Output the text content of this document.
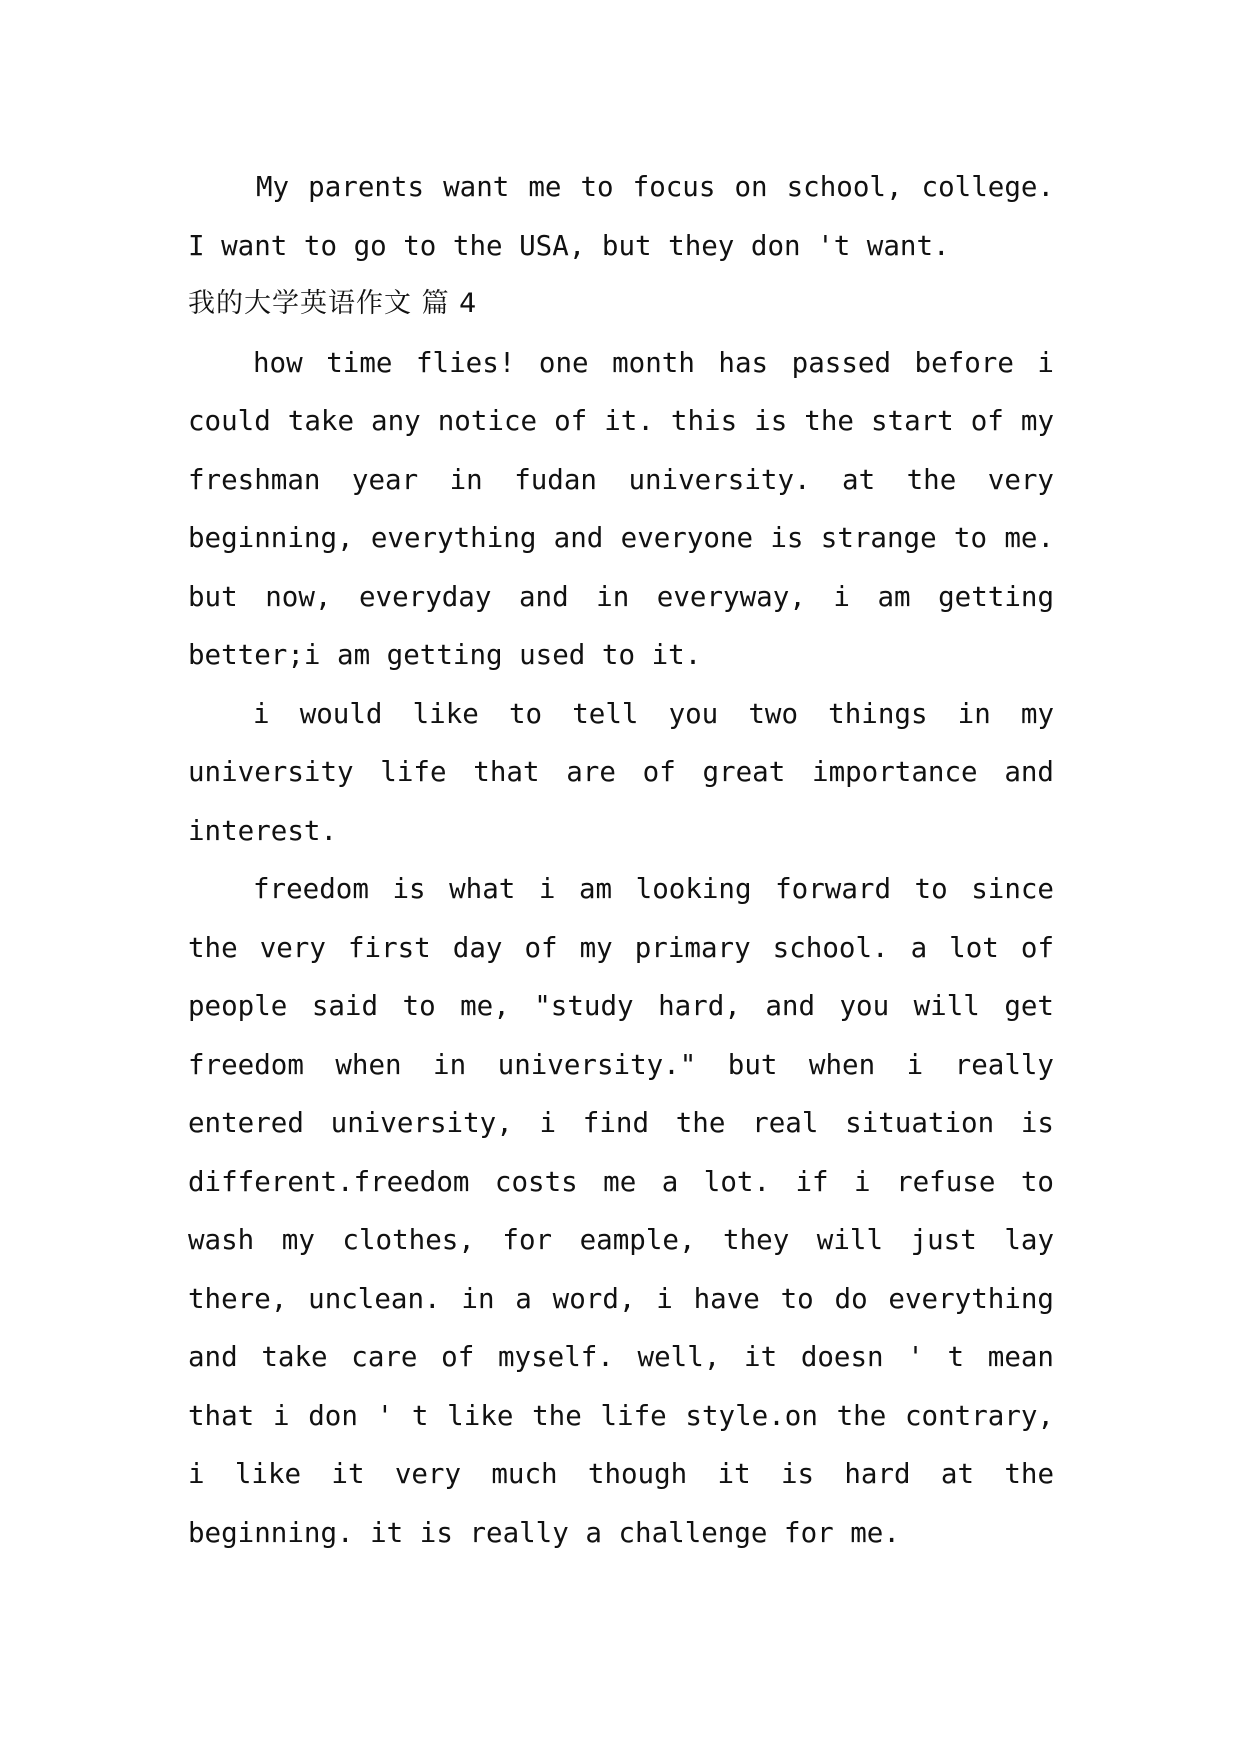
My parents want me to focus on school, college. I want to go to the USA, but they don 't want.

我的大学英语作文 篇 4

how time flies! one month has passed before i could take any notice of it. this is the start of my freshman year in fudan university. at the very beginning, everything and everyone is strange to me. but now, everyday and in everyway, i am getting better;i am getting used to it.

i would like to tell you two things in my university life that are of great importance and interest.

freedom is what i am looking forward to since the very first day of my primary school. a lot of people said to me, "study hard, and you will get freedom when in university." but when i really entered university, i find the real situation is different.freedom costs me a lot. if i refuse to wash my clothes, for eample, they will just lay there, unclean. in a word, i have to do everything and take care of myself. well, it doesn ' t mean that i don ' t like the life style.on the contrary, i like it very much though it is hard at the beginning. it is really a challenge for me.
